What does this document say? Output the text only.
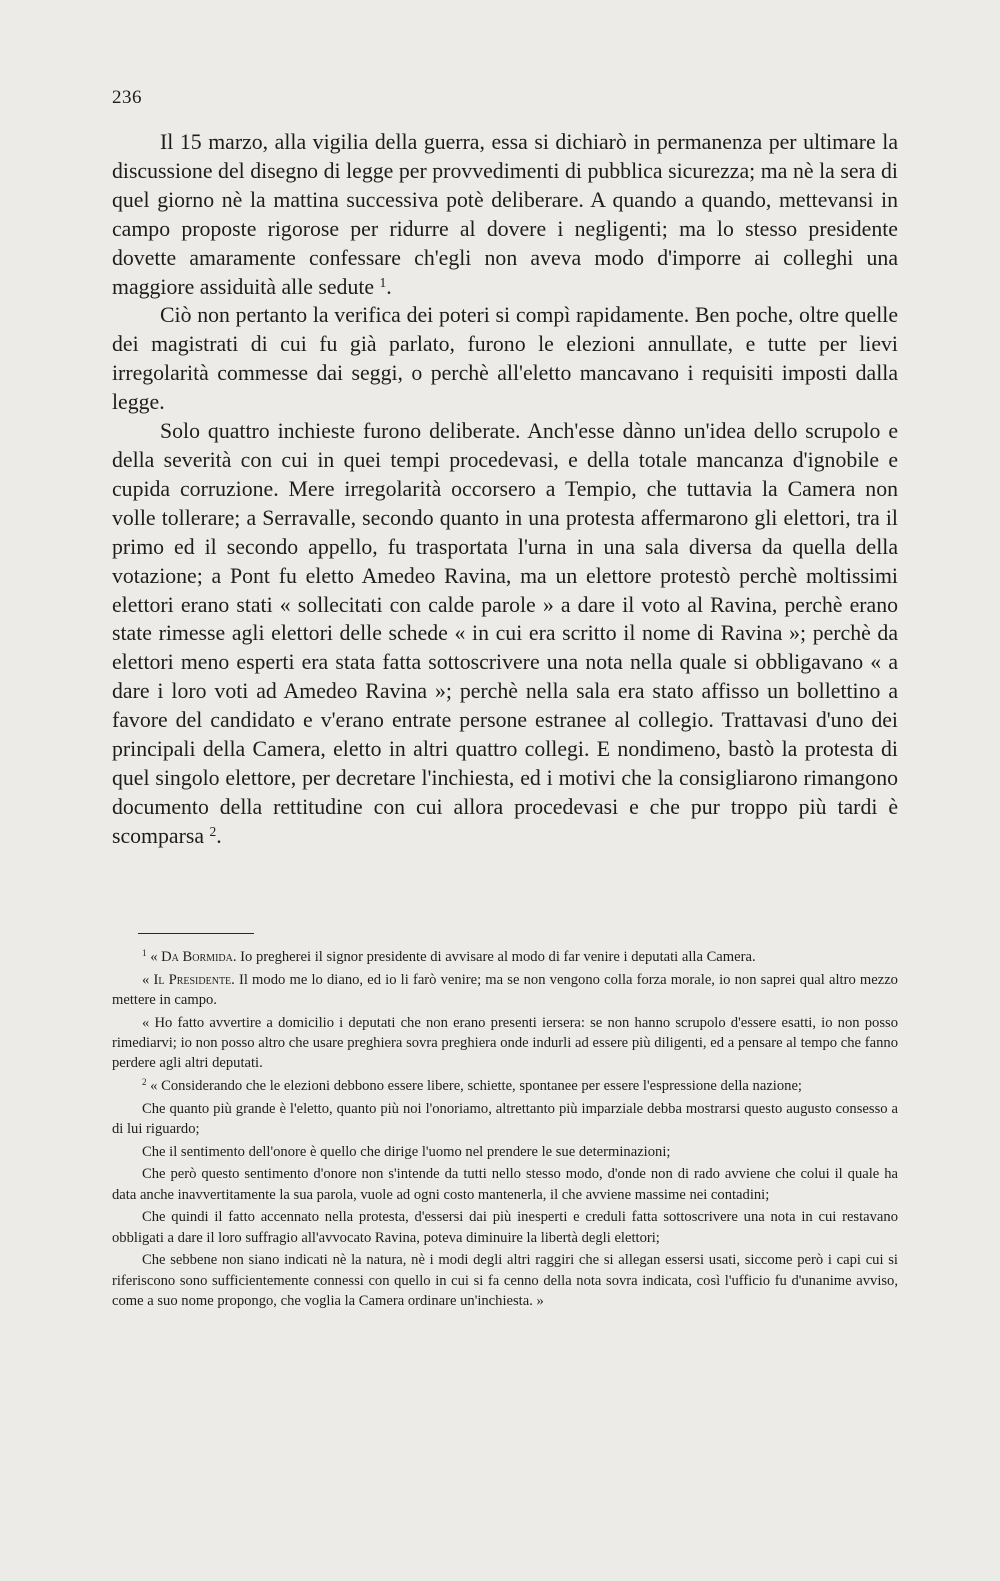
236

Il 15 marzo, alla vigilia della guerra, essa si dichiarò in permanenza per ultimare la discussione del disegno di legge per provvedimenti di pubblica sicurezza; ma nè la sera di quel giorno nè la mattina successiva potè deliberare. A quando a quando, mettevansi in campo proposte rigorose per ridurre al dovere i negligenti; ma lo stesso presidente dovette amaramente confessare ch'egli non aveva modo d'imporre ai colleghi una maggiore assiduità alle sedute $^1$.

Ciò non pertanto la verifica dei poteri si compì rapidamente. Ben poche, oltre quelle dei magistrati di cui fu già parlato, furono le elezioni annullate, e tutte per lievi irregolarità commesse dai seggi, o perchè all'eletto mancavano i requisiti imposti dalla legge.

Solo quattro inchieste furono deliberate. Anch'esse dànno un'idea dello scrupolo e della severità con cui in quei tempi procedevasi, e della totale mancanza d'ignobile e cupida corruzione. Mere irregolarità occorsero a Tempio, che tuttavia la Camera non volle tollerare; a Serravalle, secondo quanto in una protesta affermarono gli elettori, tra il primo ed il secondo appello, fu trasportata l'urna in una sala diversa da quella della votazione; a Pont fu eletto Amedeo Ravina, ma un elettore protestò perchè moltissimi elettori erano stati « sollecitati con calde parole » a dare il voto al Ravina, perchè erano state rimesse agli elettori delle schede « in cui era scritto il nome di Ravina »; perchè da elettori meno esperti era stata fatta sottoscrivere una nota nella quale si obbligavano « a dare i loro voti ad Amedeo Ravina »; perchè nella sala era stato affisso un bollettino a favore del candidato e v'erano entrate persone estranee al collegio. Trattavasi d'uno dei principali della Camera, eletto in altri quattro collegi. E nondimeno, bastò la protesta di quel singolo elettore, per decretare l'inchiesta, ed i motivi che la consigliarono rimangono documento della rettitudine con cui allora procedevasi e che pur troppo più tardi è scomparsa $^2$.

$^1$ « Da Bormida. Io pregherei il signor presidente di avvisare al modo di far venire i deputati alla Camera.

« Il Presidente. Il modo me lo diano, ed io li farò venire; ma se non vengono colla forza morale, io non saprei qual altro mezzo mettere in campo.

« Ho fatto avvertire a domicilio i deputati che non erano presenti iersera: se non hanno scrupolo d'essere esatti, io non posso rimediarvi; io non posso altro che usare preghiera sovra preghiera onde indurli ad essere più diligenti, ed a pensare al tempo che fanno perdere agli altri deputati.

$^2$ « Considerando che le elezioni debbono essere libere, schiette, spontanee per essere l'espressione della nazione;

Che quanto più grande è l'eletto, quanto più noi l'onoriamo, altrettanto più imparziale debba mostrarsi questo augusto consesso a di lui riguardo;

Che il sentimento dell'onore è quello che dirige l'uomo nel prendere le sue determinazioni;

Che però questo sentimento d'onore non s'intende da tutti nello stesso modo, d'onde non di rado avviene che colui il quale ha data anche inavvertitamente la sua parola, vuole ad ogni costo mantenerla, il che avviene massime nei contadini;

Che quindi il fatto accennato nella protesta, d'essersi dai più inesperti e creduli fatta sottoscrivere una nota in cui restavano obbligati a dare il loro suffragio all'avvocato Ravina, poteva diminuire la libertà degli elettori;

Che sebbene non siano indicati nè la natura, nè i modi degli altri raggiri che si allegan essersi usati, siccome però i capi cui si riferiscono sono sufficientemente connessi con quello in cui si fa cenno della nota sovra indicata, così l'ufficio fu d'unanime avviso, come a suo nome propongo, che voglia la Camera ordinare un'inchiesta. »
